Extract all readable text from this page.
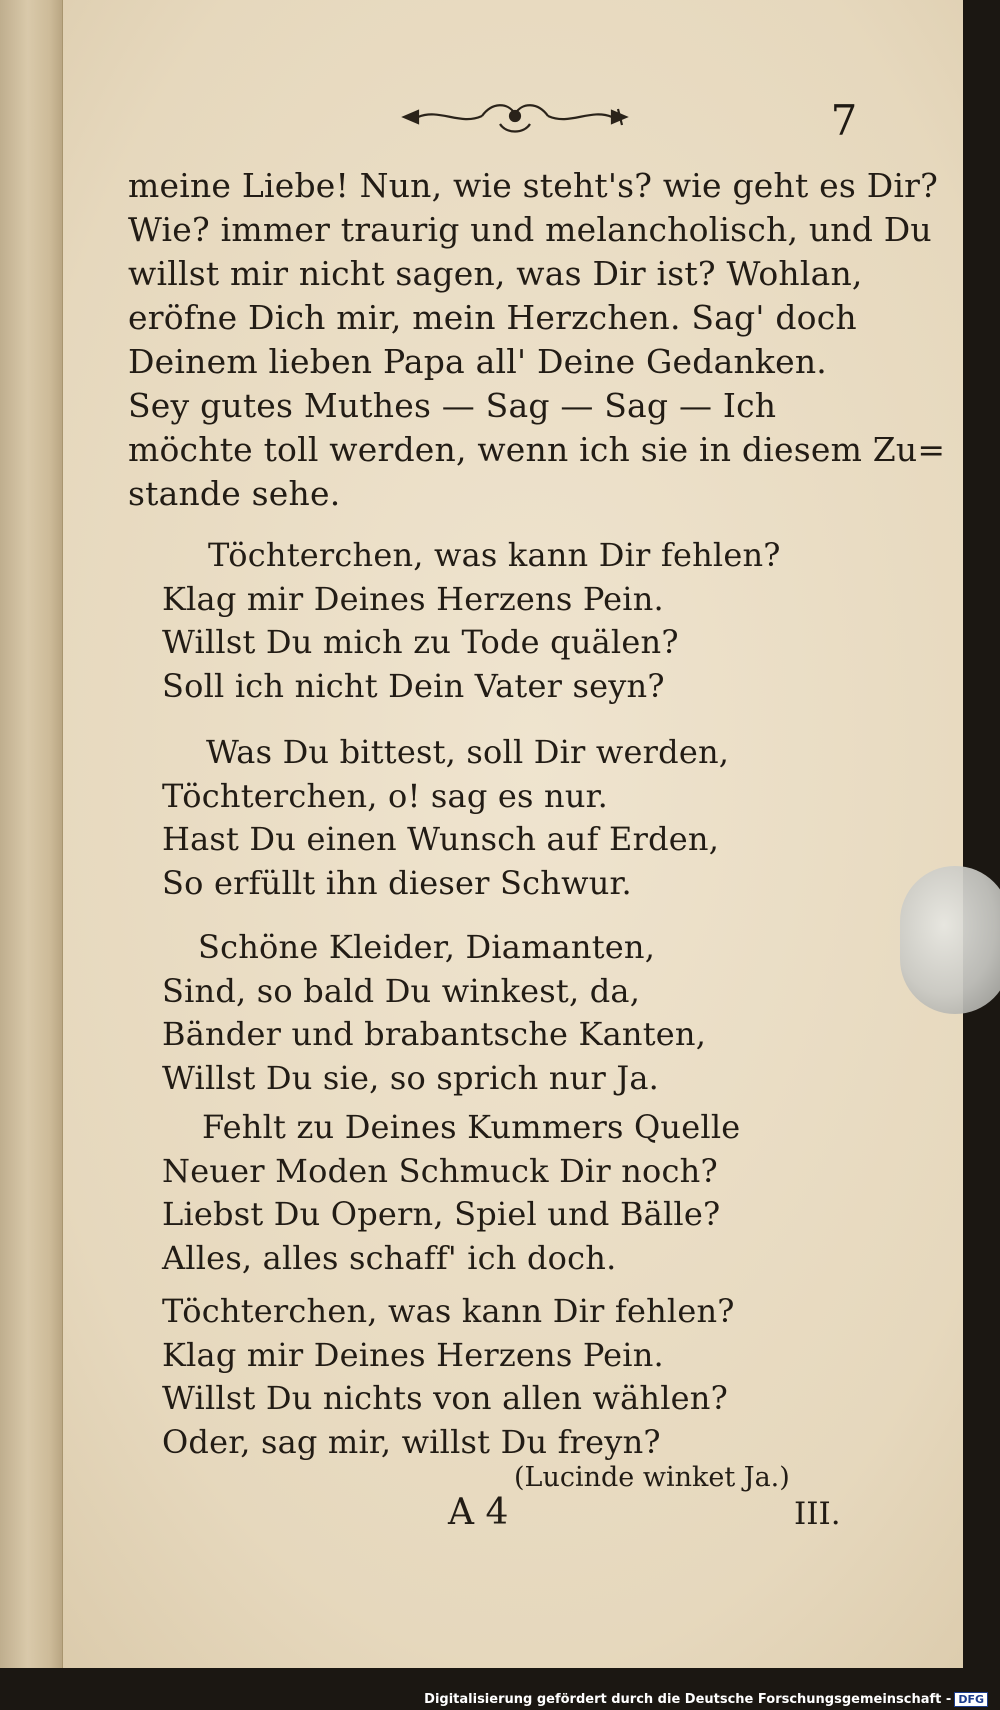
7
meine Liebe! Nun, wie steht's? wie geht es Dir?
Wie? immer traurig und melancholisch, und Du
willst mir nicht sagen, was Dir ist? Wohlan,
eröfne Dich mir, mein Herzchen. Sag' doch
Deinem lieben Papa all' Deine Gedanken.
Sey gutes Muthes — Sag — Sag — Ich
möchte toll werden, wenn ich sie in diesem Zu=
stande sehe.
Töchterchen, was kann Dir fehlen?
Klag mir Deines Herzens Pein.
Willst Du mich zu Tode quälen?
Soll ich nicht Dein Vater seyn?
Was Du bittest, soll Dir werden,
Töchterchen, o! sag es nur.
Hast Du einen Wunsch auf Erden,
So erfüllt ihn dieser Schwur.
Schöne Kleider, Diamanten,
Sind, so bald Du winkest, da,
Bänder und brabantsche Kanten,
Willst Du sie, so sprich nur Ja.
Fehlt zu Deines Kummers Quelle
Neuer Moden Schmuck Dir noch?
Liebst Du Opern, Spiel und Bälle?
Alles, alles schaff' ich doch.
Töchterchen, was kann Dir fehlen?
Klag mir Deines Herzens Pein.
Willst Du nichts von allen wählen?
Oder, sag mir, willst Du freyn?
(Lucinde winket Ja.)
A 4	III.
Digitalisierung gefördert durch die Deutsche Forschungsgemeinschaft - DFG
